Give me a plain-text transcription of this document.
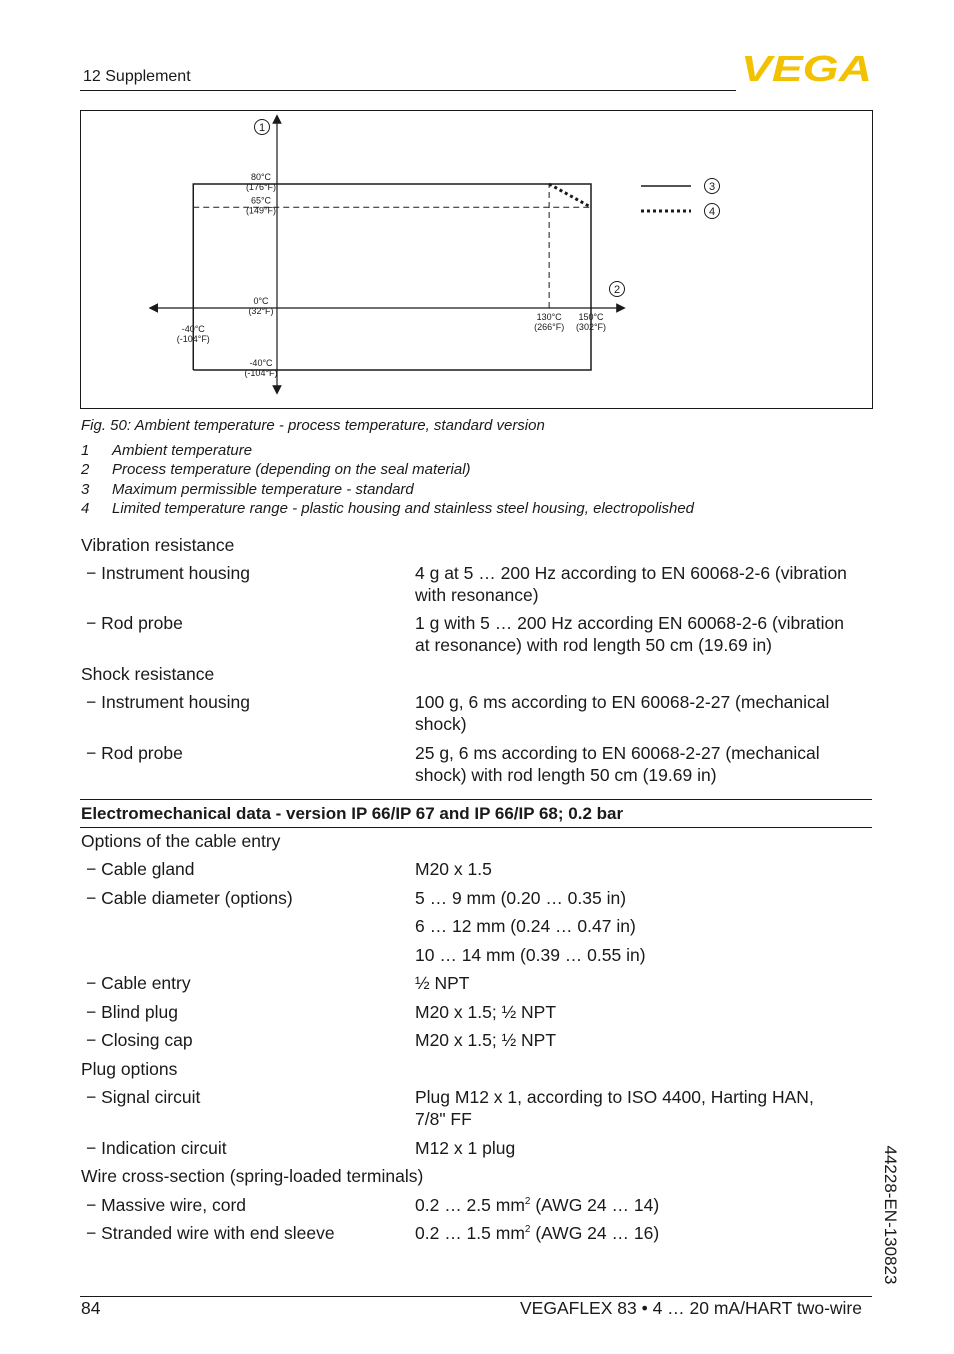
12 Supplement	VEGA
1
2
3
4
80°C
(176°F)
65°C
(149°F)
0°C
(32°F)
-40°C
(-104°F)
-40°C
(-104°F)
130°C
(266°F)
150°C
(302°F)
Fig. 50: Ambient temperature - process temperature, standard version
1 Ambient temperature
2 Process temperature (depending on the seal material)
3 Maximum permissible temperature - standard
4 Limited temperature range - plastic housing and stainless steel housing, electropolished
Vibration resistance
− Instrument housing	4 g at 5 … 200 Hz according to EN 60068-2-6 (vibration
with resonance)
− Rod probe	1 g with 5 … 200 Hz according EN 60068-2-6 (vibration
at resonance) with rod length 50 cm (19.69 in)
Shock resistance
− Instrument housing	100 g, 6 ms according to EN 60068-2-27 (mechanical
shock)
− Rod probe	25 g, 6 ms according to EN 60068-2-27 (mechanical
shock) with rod length 50 cm (19.69 in)
Electromechanical data - version IP 66/IP 67 and IP 66/IP 68; 0.2 bar
Options of the cable entry
− Cable gland	M20 x 1.5
− Cable diameter (options)	5 … 9 mm (0.20 … 0.35 in)
6 … 12 mm (0.24 … 0.47 in)
10 … 14 mm (0.39 … 0.55 in)
− Cable entry	½ NPT
− Blind plug	M20 x 1.5; ½ NPT
− Closing cap	M20 x 1.5; ½ NPT
Plug options
− Signal circuit	Plug M12 x 1, according to ISO 4400, Harting HAN,
7/8" FF
− Indication circuit	M12 x 1 plug
Wire cross-section (spring-loaded terminals)
− Massive wire, cord	0.2 … 2.5 $mm^2$ (AWG 24 … 14)
− Stranded wire with end sleeve	0.2 … 1.5 $mm^2$ (AWG 24 … 16)	44228-EN-130823
84	VEGAFLEX 83 • 4 … 20 mA/HART two-wire
